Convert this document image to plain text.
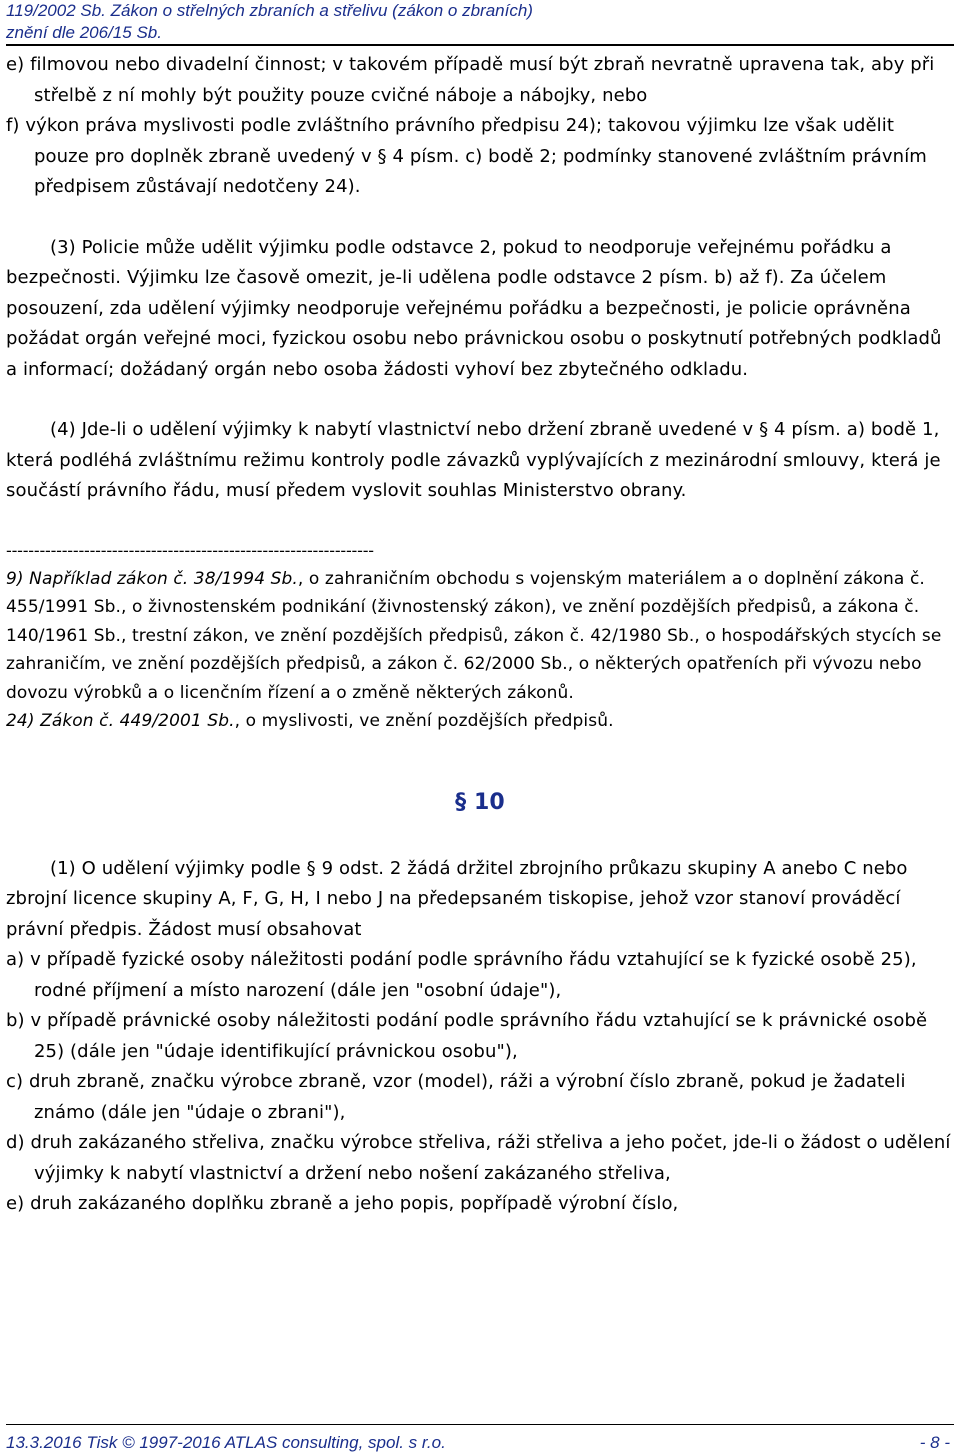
119/2002 Sb. Zákon o střelných zbraních a střelivu (zákon o zbraních)
znění dle 206/15 Sb.

e) filmovou nebo divadelní činnost; v takovém případě musí být zbraň nevratně upravena tak, aby při střelbě z ní mohly být použity pouze cvičné náboje a nábojky, nebo

f) výkon práva myslivosti podle zvláštního právního předpisu 24); takovou výjimku lze však udělit pouze pro doplněk zbraně uvedený v § 4 písm. c) bodě 2; podmínky stanovené zvláštním právním předpisem zůstávají nedotčeny 24).

(3) Policie může udělit výjimku podle odstavce 2, pokud to neodporuje veřejnému pořádku a bezpečnosti. Výjimku lze časově omezit, je-li udělena podle odstavce 2 písm. b) až f). Za účelem posouzení, zda udělení výjimky neodporuje veřejnému pořádku a bezpečnosti, je policie oprávněna požádat orgán veřejné moci, fyzickou osobu nebo právnickou osobu o poskytnutí potřebných podkladů a informací; dožádaný orgán nebo osoba žádosti vyhoví bez zbytečného odkladu.

(4) Jde-li o udělení výjimky k nabytí vlastnictví nebo držení zbraně uvedené v § 4 písm. a) bodě 1, která podléhá zvláštnímu režimu kontroly podle závazků vyplývajících z mezinárodní smlouvy, která je součástí právního řádu, musí předem vyslovit souhlas Ministerstvo obrany.

------------------------------------------------------------------

9) Například zákon č. 38/1994 Sb., o zahraničním obchodu s vojenským materiálem a o doplnění zákona č. 455/1991 Sb., o živnostenském podnikání (živnostenský zákon), ve znění pozdějších předpisů, a zákona č. 140/1961 Sb., trestní zákon, ve znění pozdějších předpisů, zákon č. 42/1980 Sb., o hospodářských stycích se zahraničím, ve znění pozdějších předpisů, a zákon č. 62/2000 Sb., o některých opatřeních při vývozu nebo dovozu výrobků a o licenčním řízení a o změně některých zákonů.

24) Zákon č. 449/2001 Sb., o myslivosti, ve znění pozdějších předpisů.

§ 10

(1) O udělení výjimky podle § 9 odst. 2 žádá držitel zbrojního průkazu skupiny A anebo C nebo zbrojní licence skupiny A, F, G, H, I nebo J na předepsaném tiskopise, jehož vzor stanoví prováděcí právní předpis. Žádost musí obsahovat

a) v případě fyzické osoby náležitosti podání podle správního řádu vztahující se k fyzické osobě 25), rodné příjmení a místo narození (dále jen "osobní údaje"),

b) v případě právnické osoby náležitosti podání podle správního řádu vztahující se k právnické osobě 25) (dále jen "údaje identifikující právnickou osobu"),

c) druh zbraně, značku výrobce zbraně, vzor (model), ráži a výrobní číslo zbraně, pokud je žadateli známo (dále jen "údaje o zbrani"),

d) druh zakázaného střeliva, značku výrobce střeliva, ráži střeliva a jeho počet, jde-li o žádost o udělení výjimky k nabytí vlastnictví a držení nebo nošení zakázaného střeliva,

e) druh zakázaného doplňku zbraně a jeho popis, popřípadě výrobní číslo,

13.3.2016 Tisk © 1997-2016 ATLAS consulting, spol. s r.o.	- 8 -
